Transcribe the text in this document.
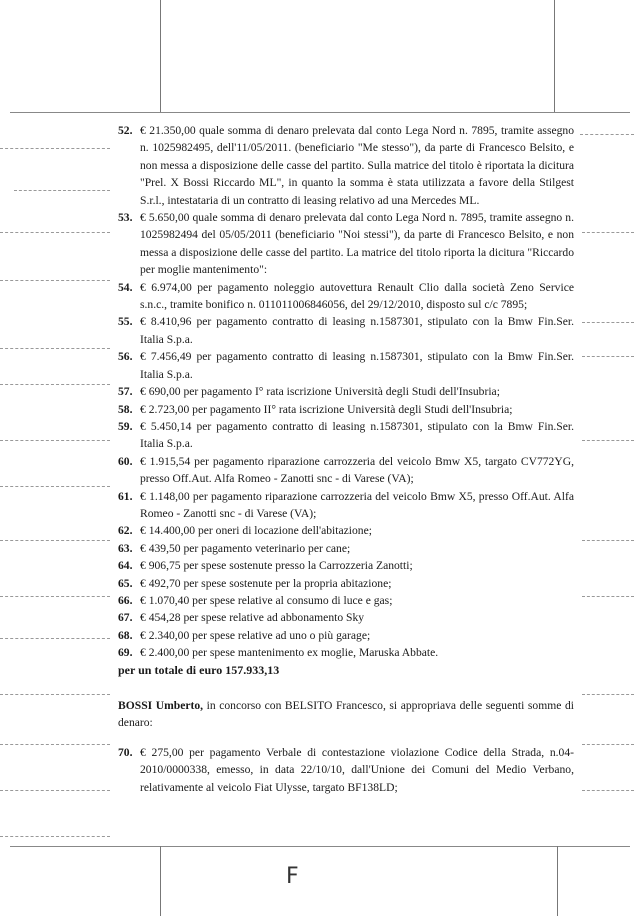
52. € 21.350,00 quale somma di denaro prelevata dal conto Lega Nord n. 7895, tramite assegno n. 1025982495, dell'11/05/2011. (beneficiario "Me stesso"), da parte di Francesco Belsito, e non messa a disposizione delle casse del partito. Sulla matrice del titolo è riportata la dicitura "Prel. X Bossi Riccardo ML", in quanto la somma è stata utilizzata a favore della Stilgest S.r.l., intestataria di un contratto di leasing relativo ad una Mercedes ML.
53. € 5.650,00 quale somma di denaro prelevata dal conto Lega Nord n. 7895, tramite assegno n. 1025982494 del 05/05/2011 (beneficiario "Noi stessi"), da parte di Francesco Belsito, e non messa a disposizione delle casse del partito. La matrice del titolo riporta la dicitura "Riccardo per moglie mantenimento":
54. € 6.974,00 per pagamento noleggio autovettura Renault Clio dalla società Zeno Service s.n.c., tramite bonifico n. 011011006846056, del 29/12/2010, disposto sul c/c 7895;
55. € 8.410,96 per pagamento contratto di leasing n.1587301, stipulato con la Bmw Fin.Ser. Italia S.p.a.
56. € 7.456,49 per pagamento contratto di leasing n.1587301, stipulato con la Bmw Fin.Ser. Italia S.p.a.
57. € 690,00 per pagamento I° rata iscrizione Università degli Studi dell'Insubria;
58. € 2.723,00 per pagamento II° rata iscrizione Università degli Studi dell'Insubria;
59. € 5.450,14 per pagamento contratto di leasing n.1587301, stipulato con la Bmw Fin.Ser. Italia S.p.a.
60. € 1.915,54 per pagamento riparazione carrozzeria del veicolo Bmw X5, targato CV772YG, presso Off.Aut. Alfa Romeo - Zanotti snc - di Varese (VA);
61. € 1.148,00 per pagamento riparazione carrozzeria del veicolo Bmw X5, presso Off.Aut. Alfa Romeo - Zanotti snc - di Varese (VA);
62. € 14.400,00 per oneri di locazione dell'abitazione;
63. € 439,50 per pagamento veterinario per cane;
64. € 906,75 per spese sostenute presso la Carrozzeria Zanotti;
65. € 492,70 per spese sostenute per la propria abitazione;
66. € 1.070,40 per spese relative al consumo di luce e gas;
67. € 454,28 per spese relative ad abbonamento Sky
68. € 2.340,00 per spese relative ad uno o più garage;
69. € 2.400,00 per spese mantenimento ex moglie, Maruska Abbate.
per un totale di euro 157.933,13
BOSSI Umberto, in concorso con BELSITO Francesco, si appropriava delle seguenti somme di denaro:
70. € 275,00 per pagamento Verbale di contestazione violazione Codice della Strada, n.04-2010/0000338, emesso, in data 22/10/10, dall'Unione dei Comuni del Medio Verbano, relativamente al veicolo Fiat Ulysse, targato BF138LD;
F
